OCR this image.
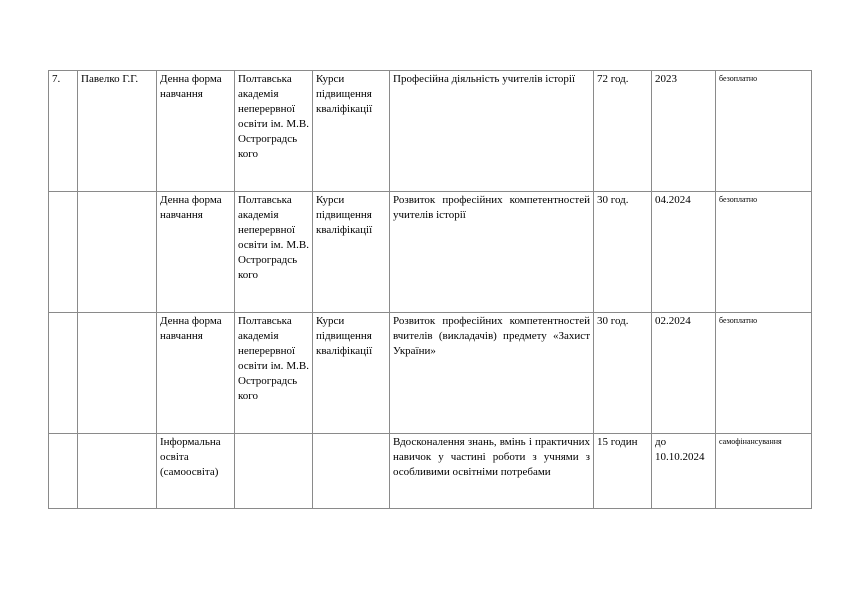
7.	Павелко Г.Г.	Денна форма навчання	Полтавська академія неперервної освіти ім. М.В. Остроградсь кого	Курси підвищення кваліфікації	Професійна діяльність учителів історії	72 год.	2023	безоплатно
		Денна форма навчання	Полтавська академія неперервної освіти ім. М.В. Остроградсь кого	Курси підвищення кваліфікації	Розвиток професійних компетентностей учителів історії	30 год.	04.2024	безоплатно
		Денна форма навчання	Полтавська академія неперервної освіти ім. М.В. Остроградсь кого	Курси підвищення кваліфікації	Розвиток професійних компетентностей вчителів (викладачів) предмету «Захист України»	30 год.	02.2024	безоплатно
		Інформальна освіта (самоосвіта)			Вдосконалення знань, вмінь і практичних навичок у частині роботи з учнями з особливими освітніми потребами	15 годин	до 10.10.2024	самофінансування
